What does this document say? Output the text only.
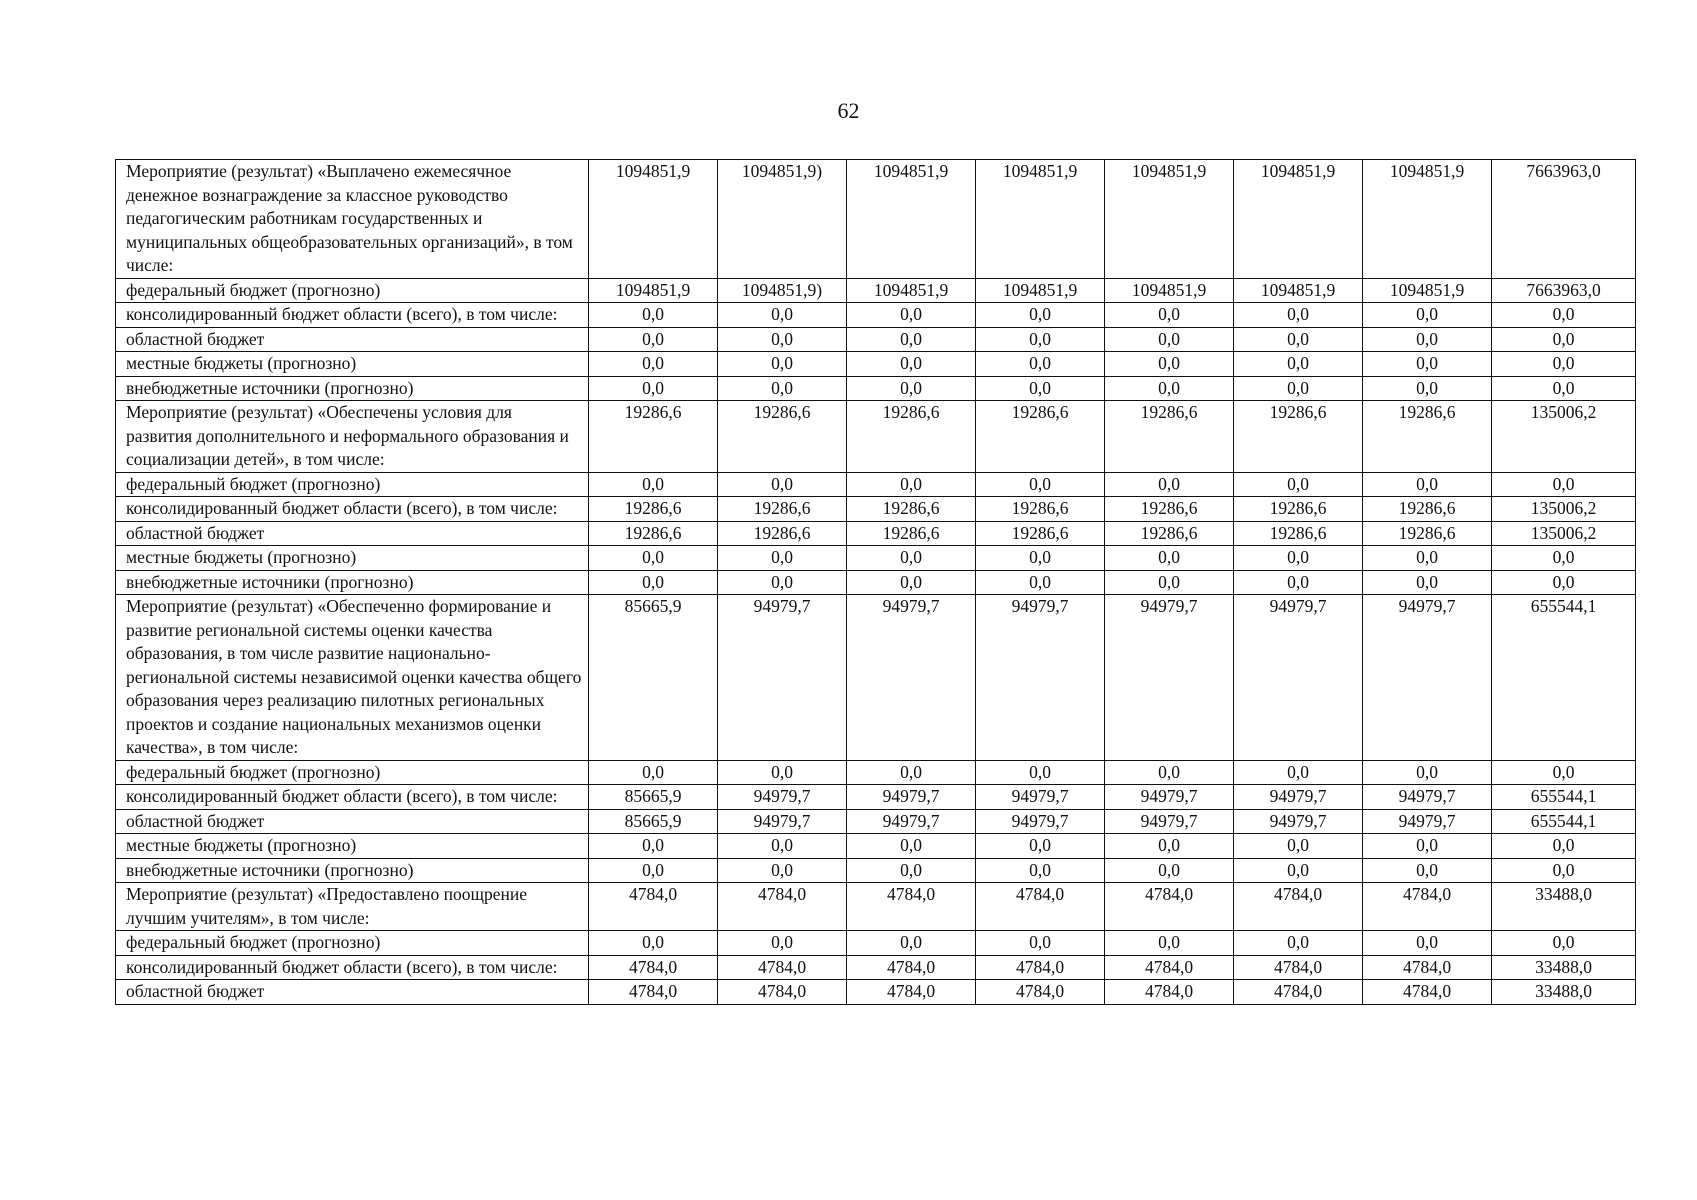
62
Мероприятие (результат) «Выплачено ежемесячное денежное вознаграждение за классное руководство педагогическим работникам государственных и муниципальных общеобразовательных организаций», в том числе:	1094851,9	1094851,9)	1094851,9	1094851,9	1094851,9	1094851,9	1094851,9	7663963,0
федеральный бюджет (прогнозно)	1094851,9	1094851,9)	1094851,9	1094851,9	1094851,9	1094851,9	1094851,9	7663963,0
консолидированный бюджет области (всего), в том числе:	0,0	0,0	0,0	0,0	0,0	0,0	0,0	0,0
областной бюджет	0,0	0,0	0,0	0,0	0,0	0,0	0,0	0,0
местные бюджеты (прогнозно)	0,0	0,0	0,0	0,0	0,0	0,0	0,0	0,0
внебюджетные источники (прогнозно)	0,0	0,0	0,0	0,0	0,0	0,0	0,0	0,0
Мероприятие (результат) «Обеспечены условия для развития дополнительного и неформального образования и социализации детей», в том числе:	19286,6	19286,6	19286,6	19286,6	19286,6	19286,6	19286,6	135006,2
федеральный бюджет (прогнозно)	0,0	0,0	0,0	0,0	0,0	0,0	0,0	0,0
консолидированный бюджет области (всего), в том числе:	19286,6	19286,6	19286,6	19286,6	19286,6	19286,6	19286,6	135006,2
областной бюджет	19286,6	19286,6	19286,6	19286,6	19286,6	19286,6	19286,6	135006,2
местные бюджеты (прогнозно)	0,0	0,0	0,0	0,0	0,0	0,0	0,0	0,0
внебюджетные источники (прогнозно)	0,0	0,0	0,0	0,0	0,0	0,0	0,0	0,0
Мероприятие (результат) «Обеспеченно формирование и развитие региональной системы оценки качества образования, в том числе развитие национально-региональной системы независимой оценки качества общего образования через реализацию пилотных региональных проектов и создание национальных механизмов оценки качества», в том числе:	85665,9	94979,7	94979,7	94979,7	94979,7	94979,7	94979,7	655544,1
федеральный бюджет (прогнозно)	0,0	0,0	0,0	0,0	0,0	0,0	0,0	0,0
консолидированный бюджет области (всего), в том числе:	85665,9	94979,7	94979,7	94979,7	94979,7	94979,7	94979,7	655544,1
областной бюджет	85665,9	94979,7	94979,7	94979,7	94979,7	94979,7	94979,7	655544,1
местные бюджеты (прогнозно)	0,0	0,0	0,0	0,0	0,0	0,0	0,0	0,0
внебюджетные источники (прогнозно)	0,0	0,0	0,0	0,0	0,0	0,0	0,0	0,0
Мероприятие (результат) «Предоставлено поощрение лучшим учителям», в том числе:	4784,0	4784,0	4784,0	4784,0	4784,0	4784,0	4784,0	33488,0
федеральный бюджет (прогнозно)	0,0	0,0	0,0	0,0	0,0	0,0	0,0	0,0
консолидированный бюджет области (всего), в том числе:	4784,0	4784,0	4784,0	4784,0	4784,0	4784,0	4784,0	33488,0
областной бюджет	4784,0	4784,0	4784,0	4784,0	4784,0	4784,0	4784,0	33488,0
